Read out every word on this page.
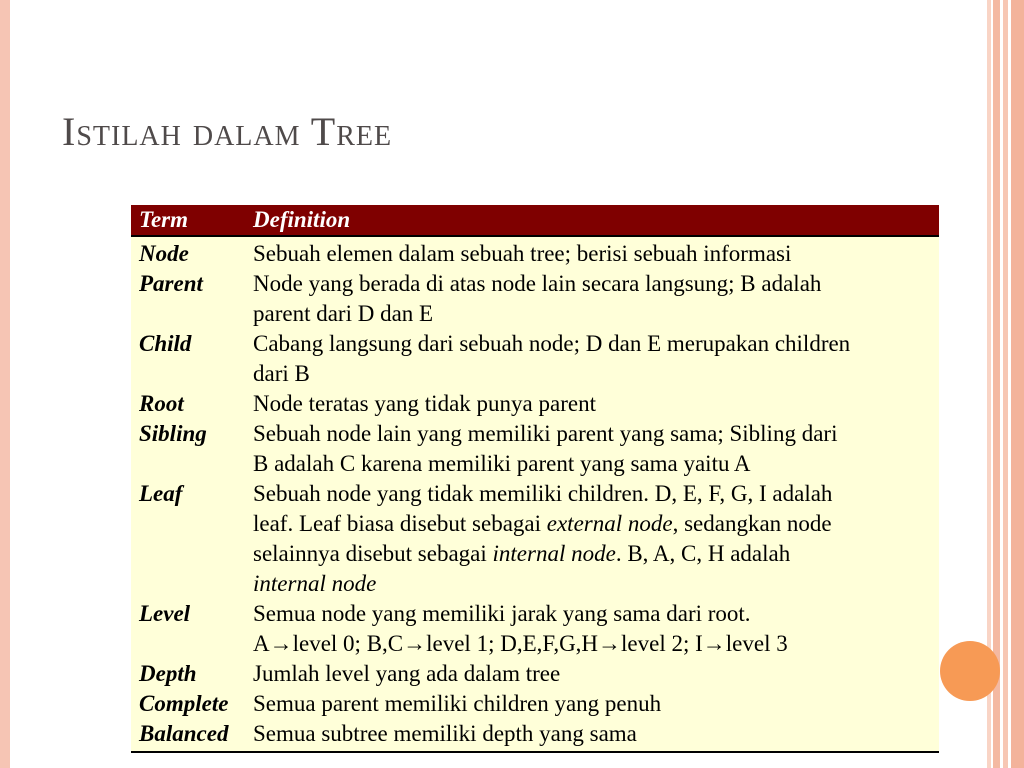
Istilah dalam Tree
Term	Definition
Node	Sebuah elemen dalam sebuah tree; berisi sebuah informasi
Parent	Node yang berada di atas node lain secara langsung; B adalah
parent dari D dan E
Child	Cabang langsung dari sebuah node; D dan E merupakan children
dari B
Root	Node teratas yang tidak punya parent
Sibling	Sebuah node lain yang memiliki parent yang sama; Sibling dari
B adalah C karena memiliki parent yang sama yaitu A
Leaf	Sebuah node yang tidak memiliki children. D, E, F, G, I adalah
leaf. Leaf biasa disebut sebagai external node, sedangkan node
selainnya disebut sebagai internal node. B, A, C, H adalah
internal node
Level	Semua node yang memiliki jarak yang sama dari root.
A→level 0; B,C→level 1; D,E,F,G,H→level 2; I→level 3
Depth	Jumlah level yang ada dalam tree
Complete	Semua parent memiliki children yang penuh
Balanced	Semua subtree memiliki depth yang sama
